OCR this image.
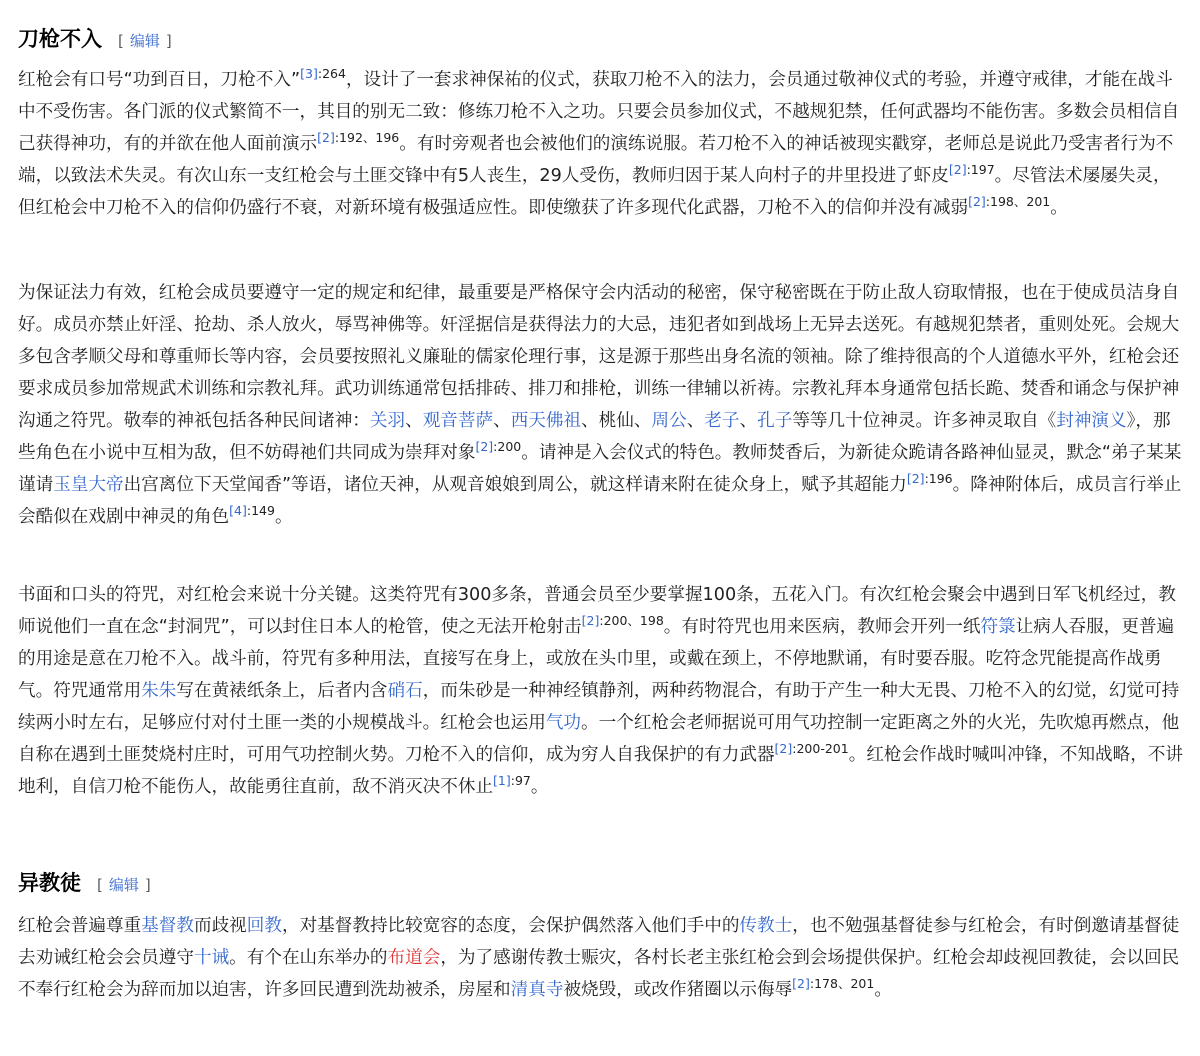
刀枪不入 [ 编辑 ]

红枪会有口号“功到百日，刀枪不入”$^{[3]:264}$，设计了一套求神保祐的仪式，获取刀枪不入的法力，会员通过敬神仪式的考验，并遵守戒律，才能在战斗中不受伤害。各门派的仪式繁简不一，其目的别无二致：修练刀枪不入之功。只要会员参加仪式，不越规犯禁，任何武器均不能伤害。多数会员相信自己获得神功，有的并欲在他人面前演示$^{[2]:192、196}$。有时旁观者也会被他们的演练说服。若刀枪不入的神话被现实戳穿，老师总是说此乃受害者行为不端，以致法术失灵。有次山东一支红枪会与土匪交锋中有5人丧生，29人受伤，教师归因于某人向村子的井里投进了虾皮$^{[2]:197}$。尽管法术屡屡失灵，但红枪会中刀枪不入的信仰仍盛行不衰，对新环境有极强适应性。即使缴获了许多现代化武器，刀枪不入的信仰并没有减弱$^{[2]:198、201}$。

为保证法力有效，红枪会成员要遵守一定的规定和纪律，最重要是严格保守会内活动的秘密，保守秘密既在于防止敌人窃取情报，也在于使成员洁身自好。成员亦禁止奸淫、抢劫、杀人放火，辱骂神佛等。奸淫据信是获得法力的大忌，违犯者如到战场上无异去送死。有越规犯禁者，重则处死。会规大多包含孝顺父母和尊重师长等内容，会员要按照礼义廉耻的儒家伦理行事，这是源于那些出身名流的领袖。除了维持很高的个人道德水平外，红枪会还要求成员参加常规武术训练和宗教礼拜。武功训练通常包括排砖、排刀和排枪，训练一律辅以祈祷。宗教礼拜本身通常包括长跪、焚香和诵念与保护神沟通之符咒。敬奉的神祇包括各种民间诸神：关羽、观音菩萨、西天佛祖、桃仙、周公、老子、孔子等等几十位神灵。许多神灵取自《封神演义》，那些角色在小说中互相为敌，但不妨碍祂们共同成为崇拜对象$^{[2]:200}$。请神是入会仪式的特色。教师焚香后，为新徒众跪请各路神仙显灵，默念“弟子某某谨请玉皇大帝出宫离位下天堂闻香”等语，诸位天神，从观音娘娘到周公，就这样请来附在徒众身上，赋予其超能力$^{[2]:196}$。降神附体后，成员言行举止会酷似在戏剧中神灵的角色$^{[4]:149}$。

书面和口头的符咒，对红枪会来说十分关键。这类符咒有300多条，普通会员至少要掌握100条，五花入门。有次红枪会聚会中遇到日军飞机经过，教师说他们一直在念“封洞咒”，可以封住日本人的枪管，使之无法开枪射击$^{[2]:200、198}$。有时符咒也用来医病，教师会开列一纸符箓让病人吞服，更普遍的用途是意在刀枪不入。战斗前，符咒有多种用法，直接写在身上，或放在头巾里，或戴在颈上，不停地默诵，有时要吞服。吃符念咒能提高作战勇气。符咒通常用朱朱写在黄裱纸条上，后者内含硝石，而朱砂是一种神经镇静剂，两种药物混合，有助于产生一种大无畏、刀枪不入的幻觉，幻觉可持续两小时左右，足够应付对付土匪一类的小规模战斗。红枪会也运用气功。一个红枪会老师据说可用气功控制一定距离之外的火光，先吹熄再燃点，他自称在遇到土匪焚烧村庄时，可用气功控制火势。刀枪不入的信仰，成为穷人自我保护的有力武器$^{[2]:200-201}$。红枪会作战时喊叫冲锋，不知战略，不讲地利，自信刀枪不能伤人，故能勇往直前，敌不消灭决不休止$^{[1]:97}$。

异教徒 [ 编辑 ]

红枪会普遍尊重基督教而歧视回教，对基督教持比较宽容的态度，会保护偶然落入他们手中的传教士，也不勉强基督徒参与红枪会，有时倒邀请基督徒去劝诫红枪会会员遵守十诫。有个在山东举办的布道会，为了感谢传教士赈灾，各村长老主张红枪会到会场提供保护。红枪会却歧视回教徒，会以回民不奉行红枪会为辞而加以迫害，许多回民遭到洗劫被杀，房屋和清真寺被烧毁，或改作猪圈以示侮辱$^{[2]:178、201}$。
